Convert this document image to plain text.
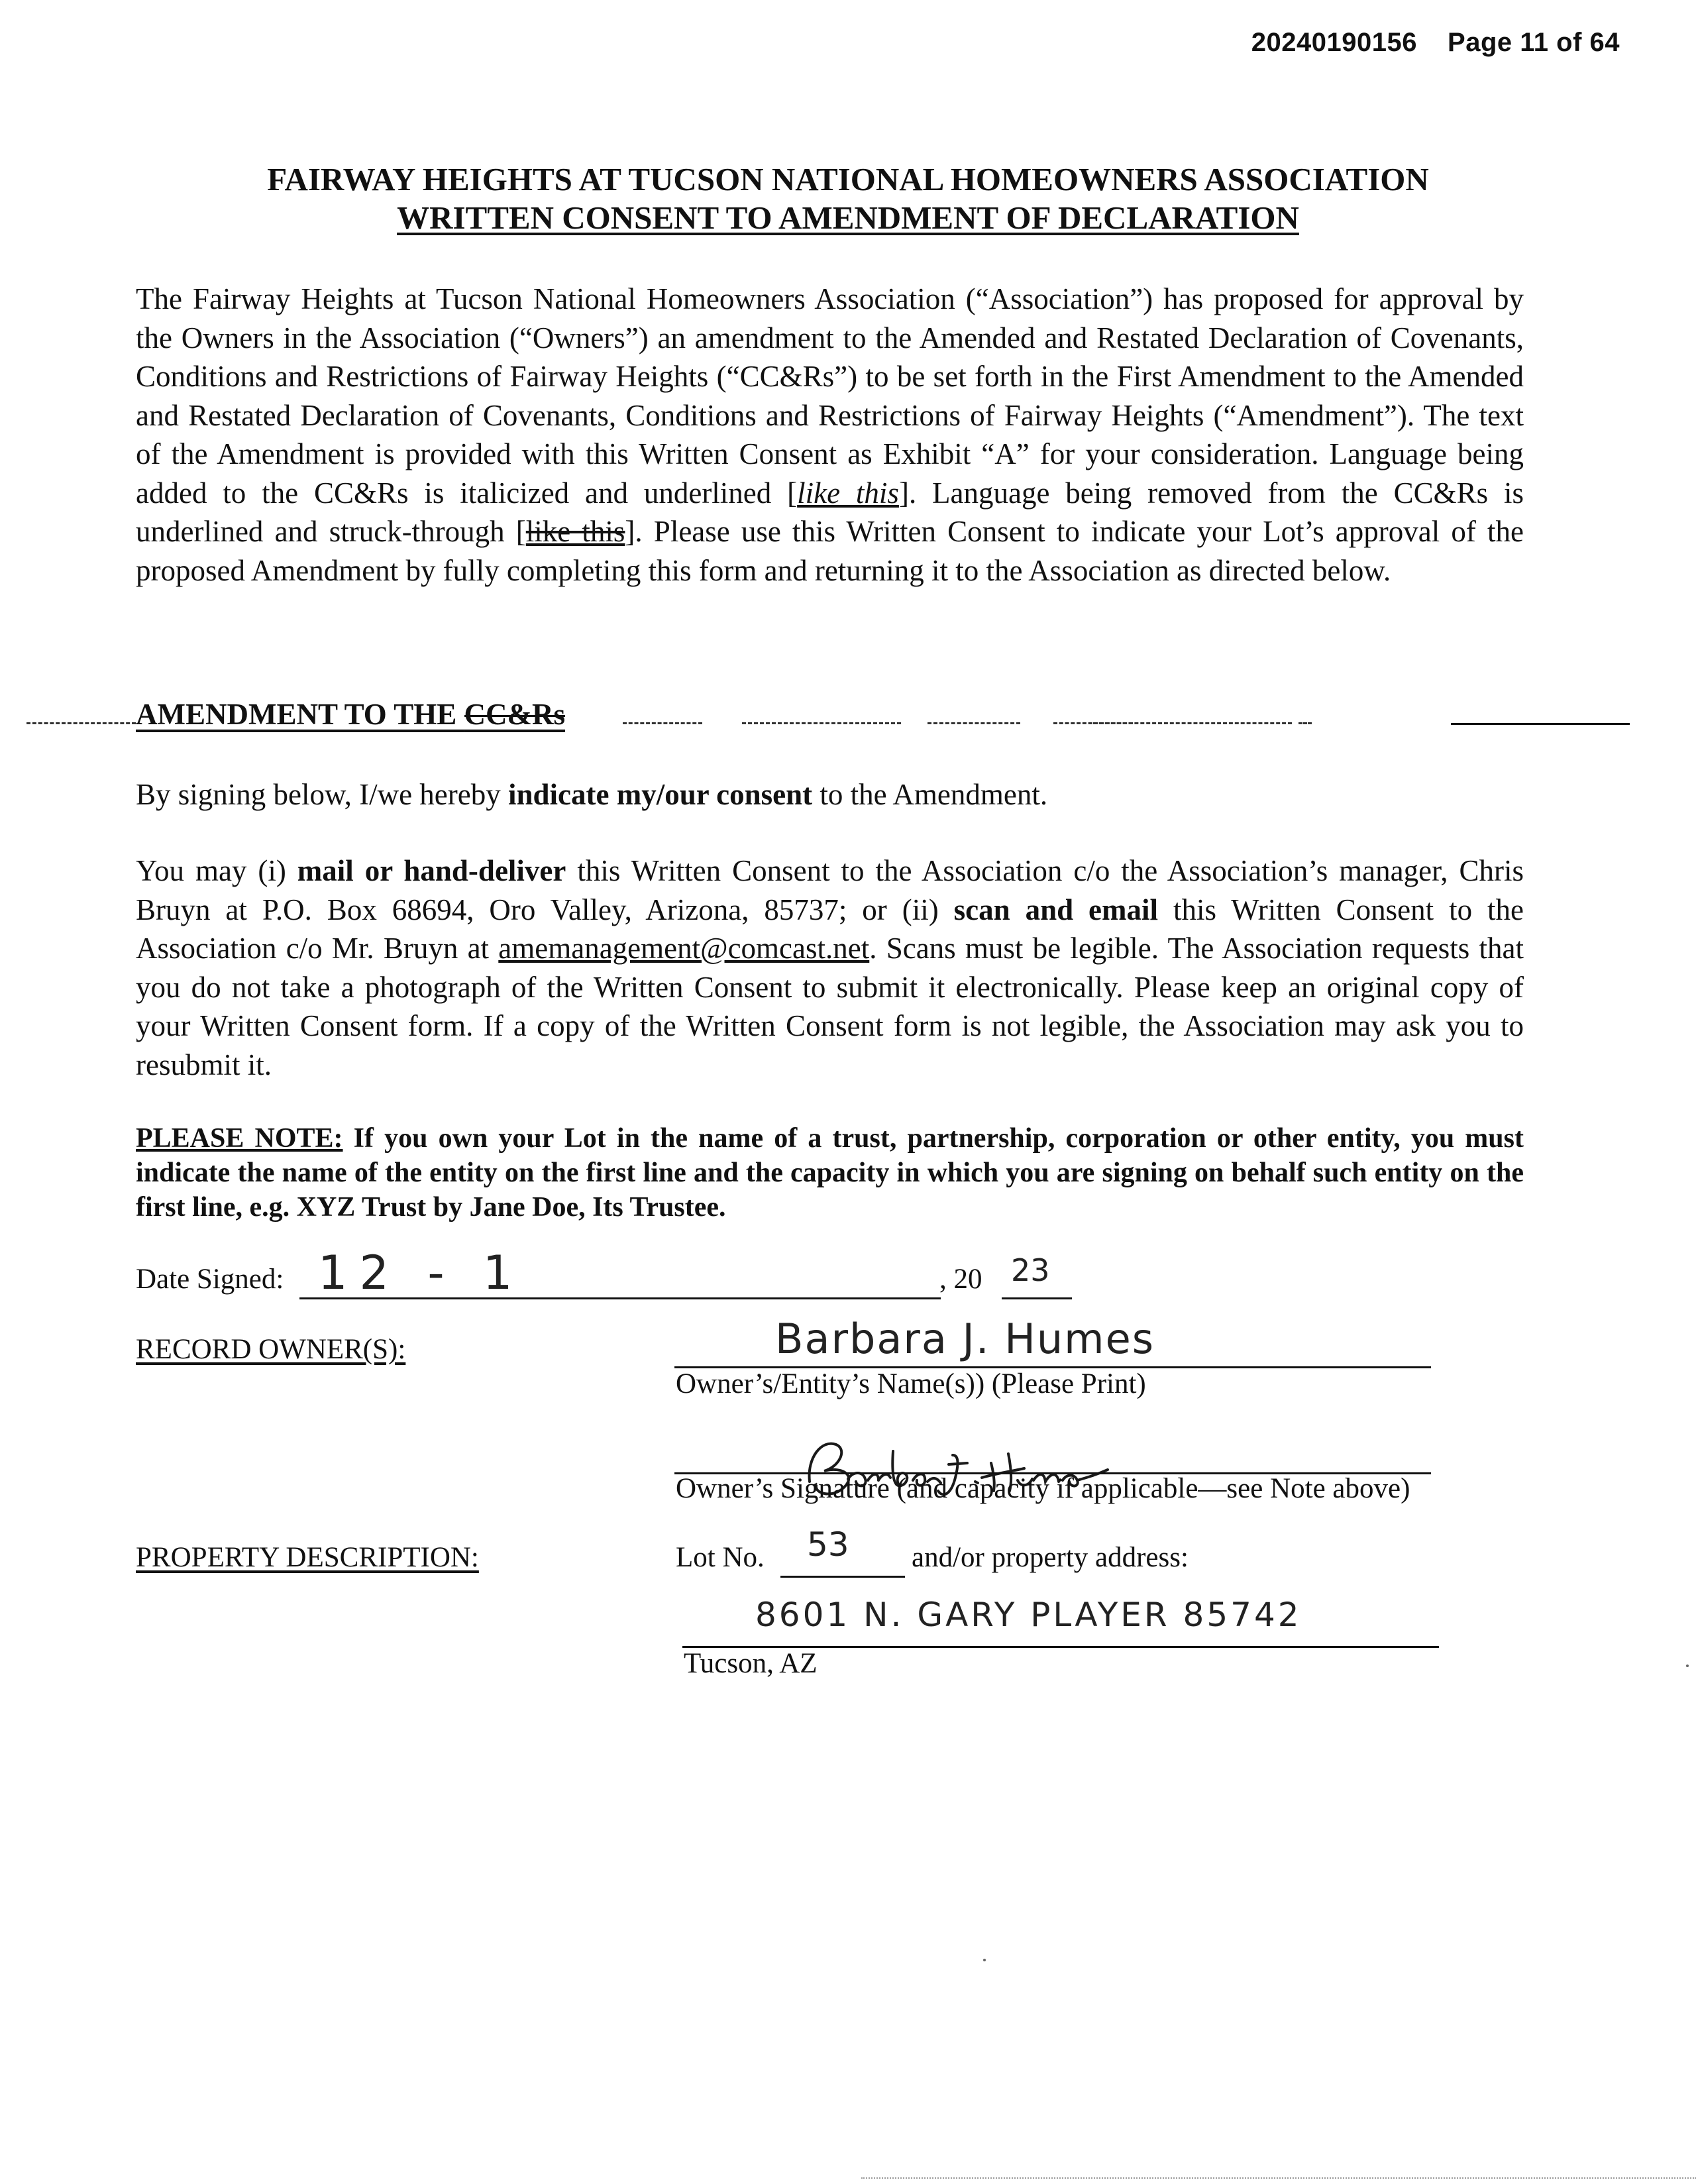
20240190156 Page 11 of 64
FAIRWAY HEIGHTS AT TUCSON NATIONAL HOMEOWNERS ASSOCIATION
WRITTEN CONSENT TO AMENDMENT OF DECLARATION
The Fairway Heights at Tucson National Homeowners Association (“Association”) has proposed for approval by the Owners in the Association (“Owners”) an amendment to the Amended and Restated Declaration of Covenants, Conditions and Restrictions of Fairway Heights (“CC&Rs”) to be set forth in the First Amendment to the Amended and Restated Declaration of Covenants, Conditions and Restrictions of Fairway Heights (“Amendment”). The text of the Amendment is provided with this Written Consent as Exhibit “A” for your consideration. Language being added to the CC&Rs is italicized and underlined [like this]. Language being removed from the CC&Rs is underlined and struck-through [like this]. Please use this Written Consent to indicate your Lot’s approval of the proposed Amendment by fully completing this form and returning it to the Association as directed below.
AMENDMENT TO THE CC&Rs
By signing below, I/we hereby indicate my/our consent to the Amendment.
You may (i) mail or hand-deliver this Written Consent to the Association c/o the Association’s manager, Chris Bruyn at P.O. Box 68694, Oro Valley, Arizona, 85737; or (ii) scan and email this Written Consent to the Association c/o Mr. Bruyn at amemanagement@comcast.net. Scans must be legible. The Association requests that you do not take a photograph of the Written Consent to submit it electronically. Please keep an original copy of your Written Consent form. If a copy of the Written Consent form is not legible, the Association may ask you to resubmit it.
PLEASE NOTE: If you own your Lot in the name of a trust, partnership, corporation or other entity, you must indicate the name of the entity on the first line and the capacity in which you are signing on behalf such entity on the first line, e.g. XYZ Trust by Jane Doe, Its Trustee.
Date Signed: 12 - 1	, 20 23
RECORD OWNER(S):	Barbara J. Humes
Owner’s/Entity’s Name(s)) (Please Print)
Owner’s Signature (and capacity if applicable—see Note above)
PROPERTY DESCRIPTION:	Lot No. 53 and/or property address:
8601 N. GARY PLAYER 85742
Tucson, AZ
